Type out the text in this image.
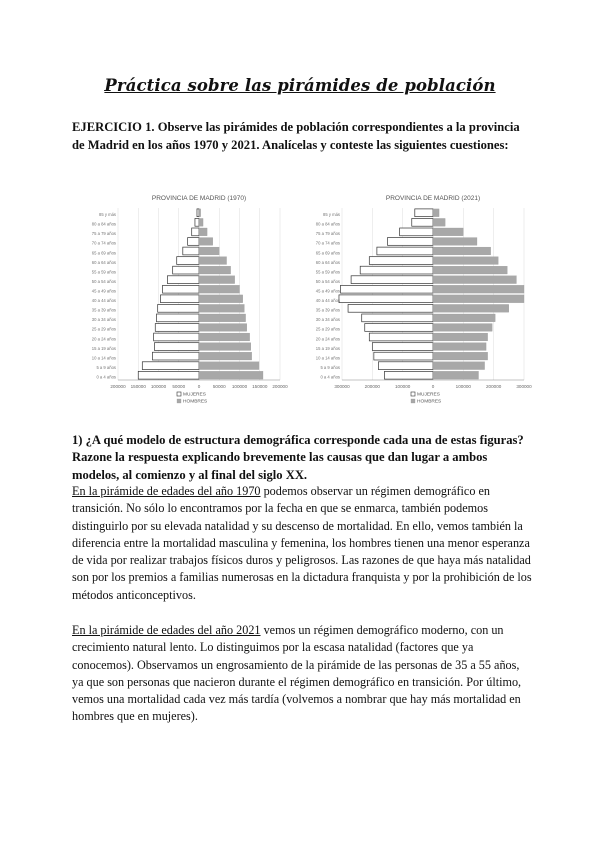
Práctica sobre las pirámides de población
EJERCICIO 1. Observe las pirámides de población correspondientes a la provincia de Madrid en los años 1970 y 2021. Analícelas y conteste las siguientes cuestiones:
PROVINCIA DE MADRID (1970)
200000 150000 100000 50000	0	50000 100000 150000 200000
0 a 4 años
5 a 9 años
10 a 14 años
15 a 19 años
20 a 24 años
25 a 29 años
30 a 34 años
35 a 39 años
40 a 44 años
45 a 49 años
50 a 54 años
55 a 59 años
60 a 64 años
65 a 69 años
70 a 74 años
75 a 79 años
80 a 84 años
85 y más
MUJERES
HOMBRES
PROVINCIA DE MADRID (2021)
300000	200000	100000	0	100000	200000	300000
0 a 4 años
5 a 9 años
10 a 14 años
15 a 19 años
20 a 24 años
25 a 29 años
30 a 34 años
35 a 39 años
40 a 44 años
45 a 49 años
50 a 54 años
55 a 59 años
60 a 64 años
65 a 69 años
70 a 74 años
75 a 79 años
80 a 84 años
85 y más
MUJERES
HOMBRES
1) ¿A qué modelo de estructura demográfica corresponde cada una de estas figuras? Razone la respuesta explicando brevemente las causas que dan lugar a ambos modelos, al comienzo y al final del siglo XX.
En la pirámide de edades del año 1970 podemos observar un régimen demográfico en transición. No sólo lo encontramos por la fecha en que se enmarca, también podemos distinguirlo por su elevada natalidad y su descenso de mortalidad. En ello, vemos también la diferencia entre la mortalidad masculina y femenina, los hombres tienen una menor esperanza de vida por realizar trabajos físicos duros y peligrosos. Las razones de que haya más natalidad son por los premios a familias numerosas en la dictadura franquista y por la prohibición de los métodos anticonceptivos.
En la pirámide de edades del año 2021 vemos un régimen demográfico moderno, con un crecimiento natural lento. Lo distinguimos por la escasa natalidad (factores que ya conocemos). Observamos un engrosamiento de la pirámide de las personas de 35 a 55 años, ya que son personas que nacieron durante el régimen demográfico en transición. Por último, vemos una mortalidad cada vez más tardía (volvemos a nombrar que hay más mortalidad en hombres que en mujeres).
